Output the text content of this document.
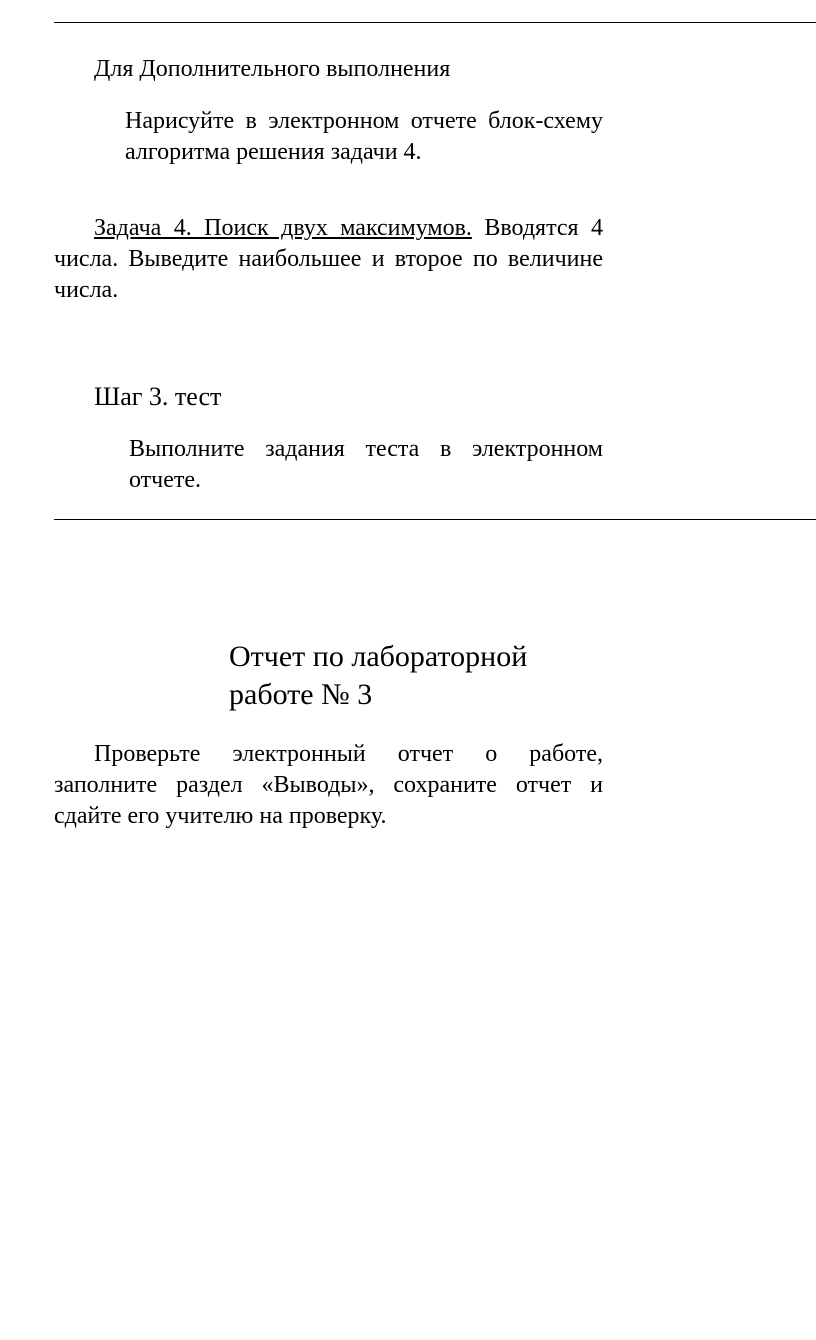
Для Дополнительного выполнения

Нарисуйте в электронном отчете блок-схему алгоритма решения задачи 4.

Задача 4. Поиск двух максимумов. Вводятся 4 числа. Выведите наибольшее и второе по величине числа.

Шаг 3. тест

Выполните задания теста в электронном отчете.

Отчет по лабораторной
работе № 3

Проверьте электронный отчет о работе, заполните раздел «Выводы», сохраните отчет и сдайте его учителю на проверку.
